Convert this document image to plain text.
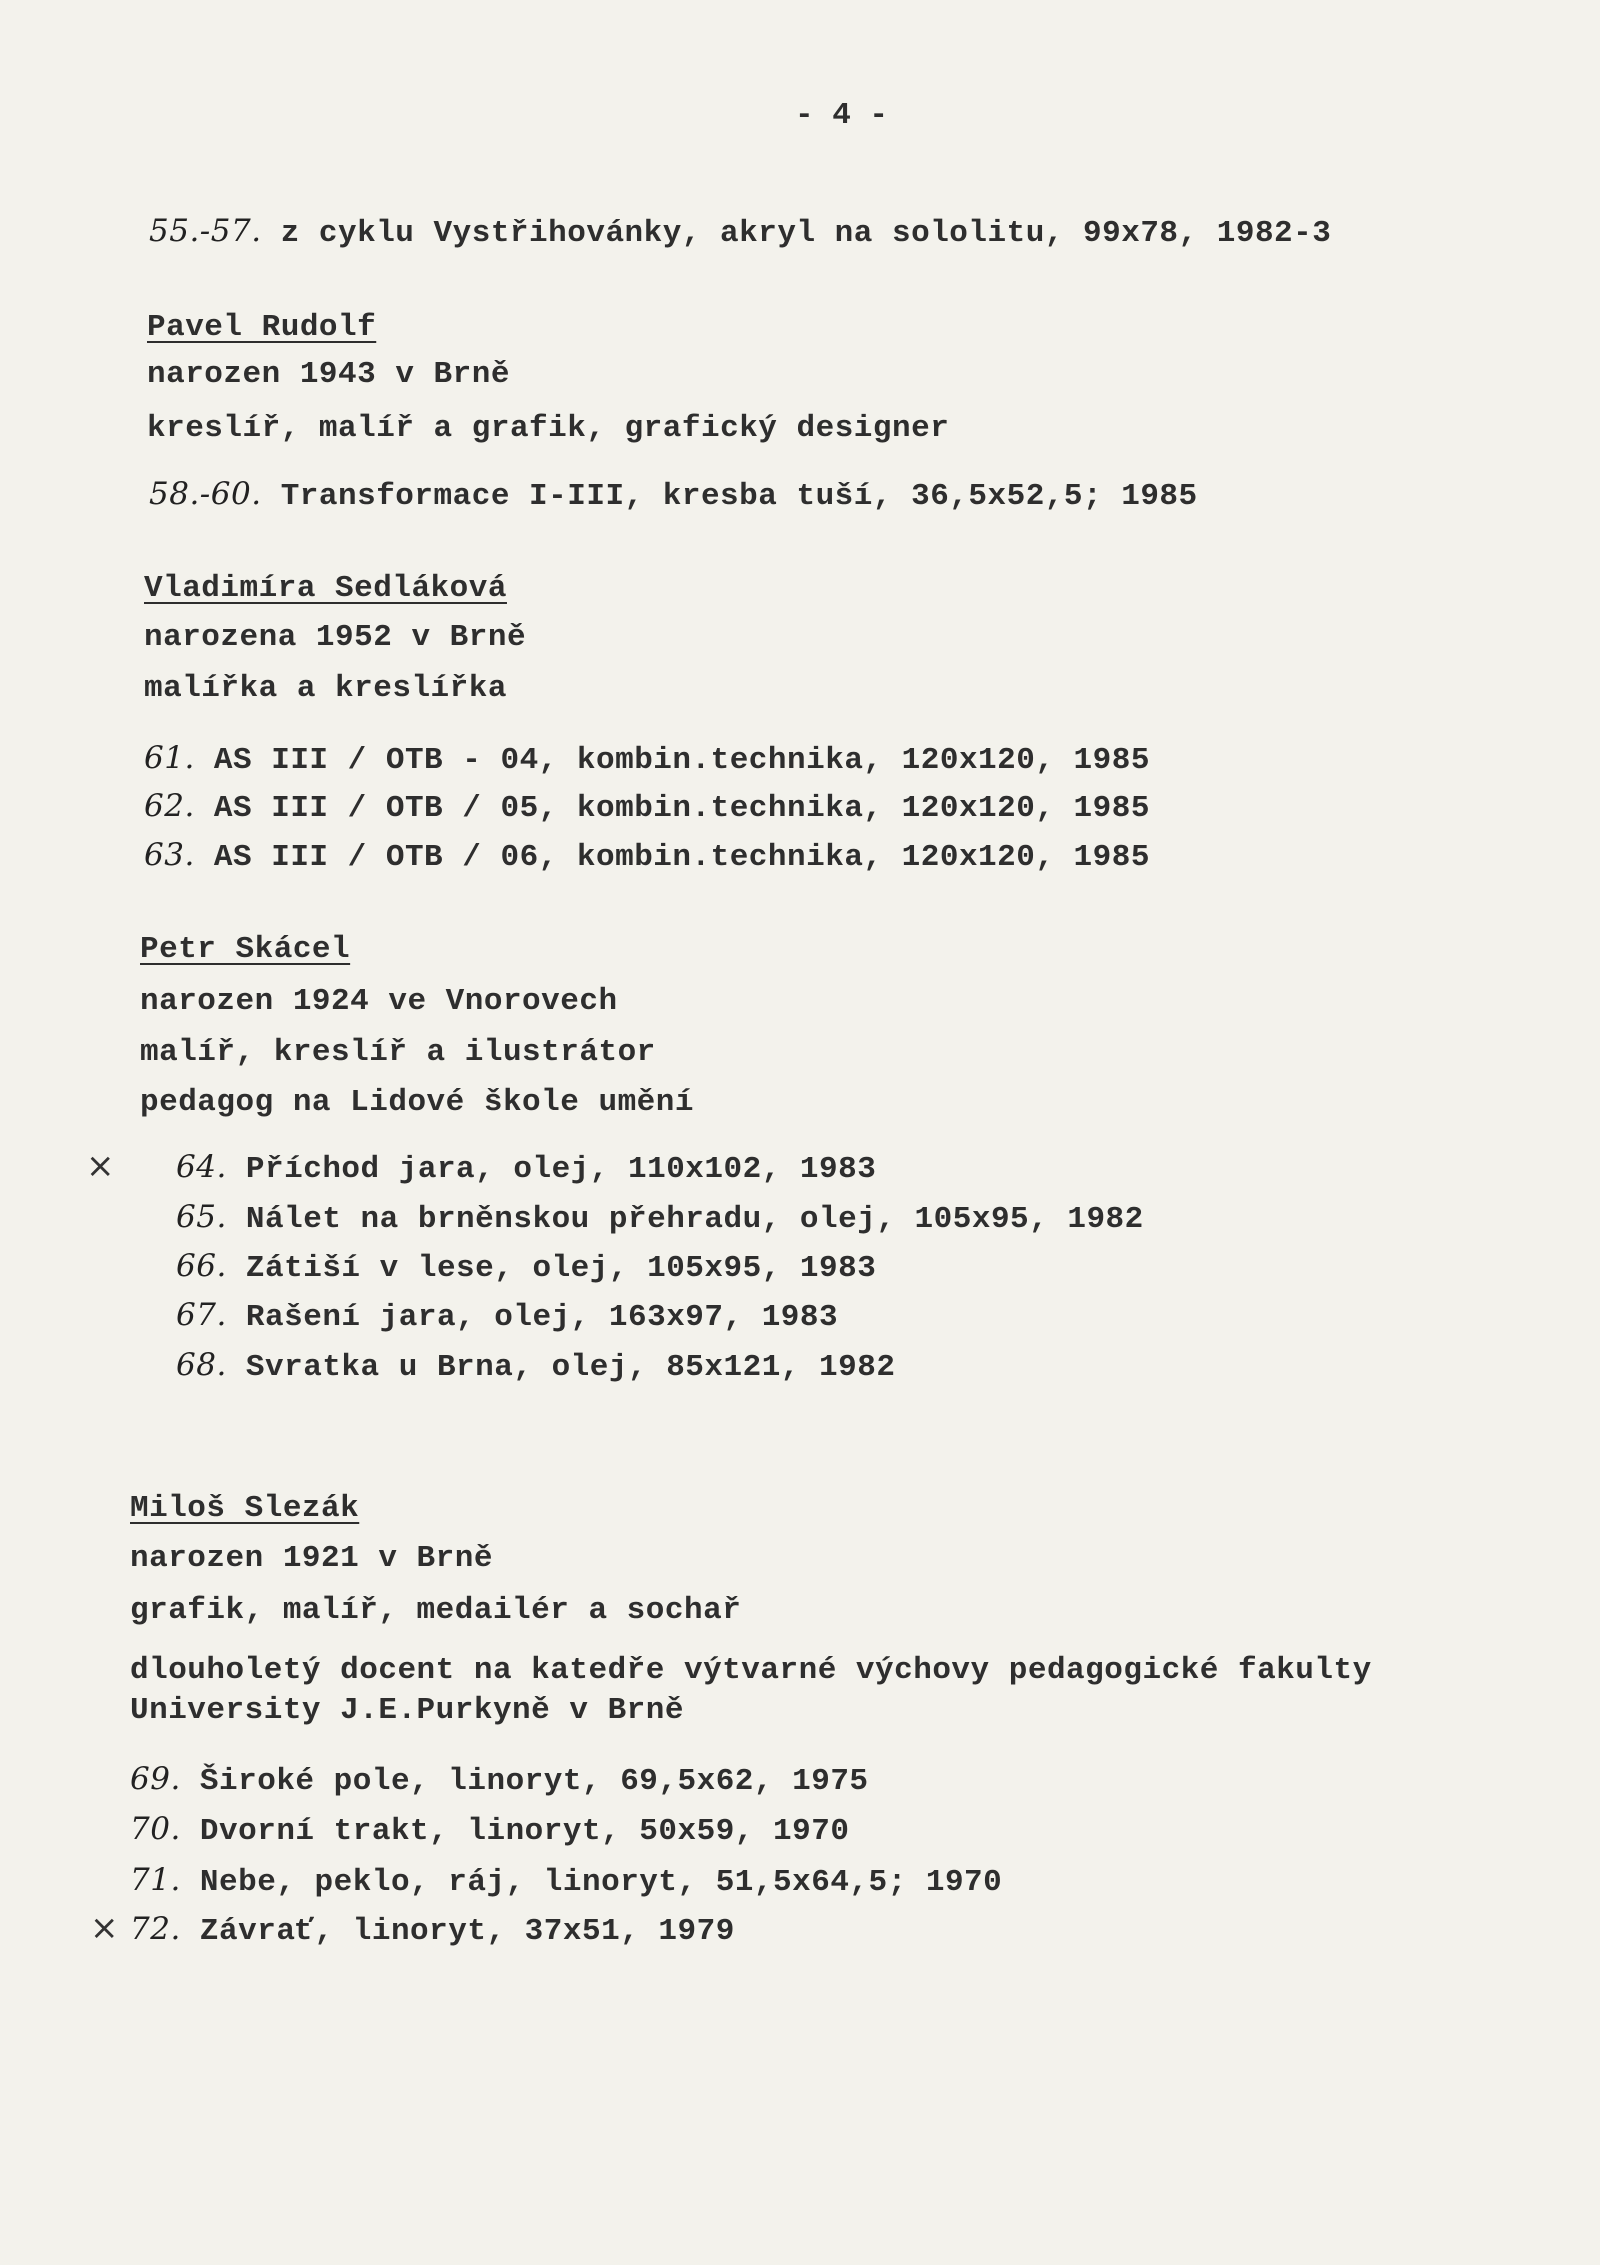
- 4 -
55.-57. z cyklu Vystřihovánky, akryl na sololitu, 99x78, 1982-3
Pavel Rudolf
narozen 1943 v Brně
kreslíř, malíř a grafik, grafický designer
58.-60. Transformace I-III, kresba tuší, 36,5x52,5; 1985
Vladimíra Sedláková
narozena 1952 v Brně
malířka a kreslířka
61. AS III / OTB - 04, kombin.technika, 120x120, 1985
62. AS III / OTB / 05, kombin.technika, 120x120, 1985
63. AS III / OTB / 06, kombin.technika, 120x120, 1985
Petr Skácel
narozen 1924 ve Vnorovech
malíř, kreslíř a ilustrátor
pedagog na Lidové škole umění
× 64. Příchod jara, olej, 110x102, 1983
65. Nálet na brněnskou přehradu, olej, 105x95, 1982
66. Zátiší v lese, olej, 105x95, 1983
67. Rašení jara, olej, 163x97, 1983
68. Svratka u Brna, olej, 85x121, 1982
Miloš Slezák
narozen 1921 v Brně
grafik, malíř, medailér a sochař
dlouholetý docent na katedře výtvarné výchovy pedagogické fakulty
University J.E.Purkyně v Brně
69. Široké pole, linoryt, 69,5x62, 1975
70. Dvorní trakt, linoryt, 50x59, 1970
71. Nebe, peklo, ráj, linoryt, 51,5x64,5; 1970
× 72. Závrať, linoryt, 37x51, 1979
